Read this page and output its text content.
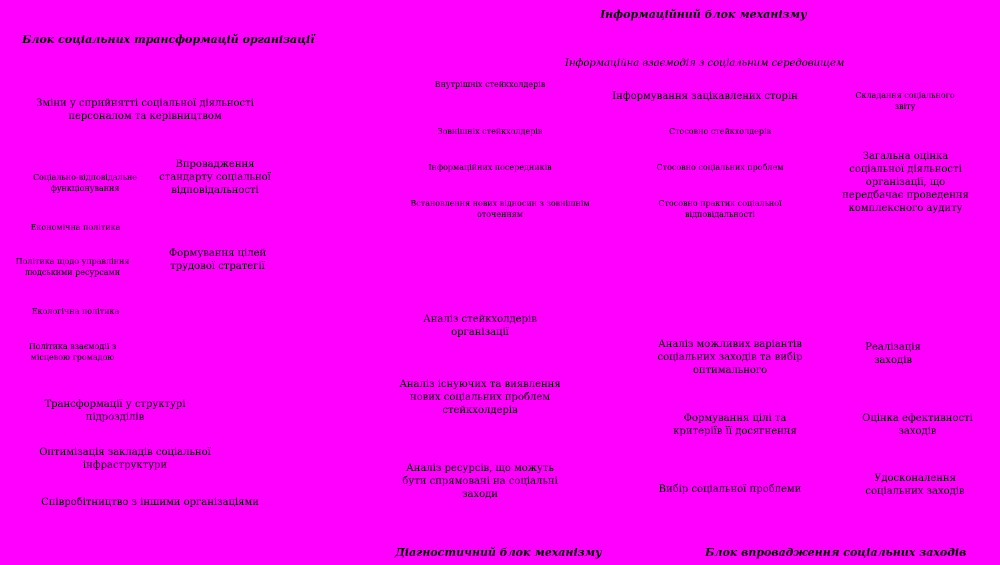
Інформаційний блок механізму
Блок соціальних трансформацій організації
Інформаційна взаємодія з соціальним середовищем
Діагностичний блок механізму	Блок впровадження соціальних заходів
Зміни у сприйнятті соціальної діяльності персоналом та керівництвом
Соціально-відповідальне функціонування
Впровадження стандарту соціальної відповідальності
Економічна політика
Політика щодо управління людськими ресурсами
Формування цілей трудової стратегії
Екологічна політика
Політика взаємодії з місцевою громадою
Трансформації у структурі підрозділів
Оптимізація закладів соціальної інфраструктури
Співробітництво з іншими організаціями
Внутрішніх стейкхолдерів
Зовнішніх стейкхолдерів
Інформаційних посередників
Встановлення нових відносин з зовнішнім оточенням
Інформування зацікавлених сторін
Стосовно стейкхолдерів
Стосовно соціальних проблем
Стосовно практик соціальної відповідальності
Складання соціального звіту
Загальна оцінка соціальної діяльності організації, що передбачає проведення комплексного аудиту
Аналіз стейкхолдерів організації
Аналіз існуючих та виявлення нових соціальних проблем стейкхолдерів
Аналіз ресурсів, що можуть бути спрямовані на соціальні заходи
Аналіз можливих варіантів соціальних заходів та вибір оптимального
Реалізація заходів
Формування цілі та критеріїв її досягнення
Оцінка ефективності заходів
Вибір соціальної проблеми
Удосконалення соціальних заходів
